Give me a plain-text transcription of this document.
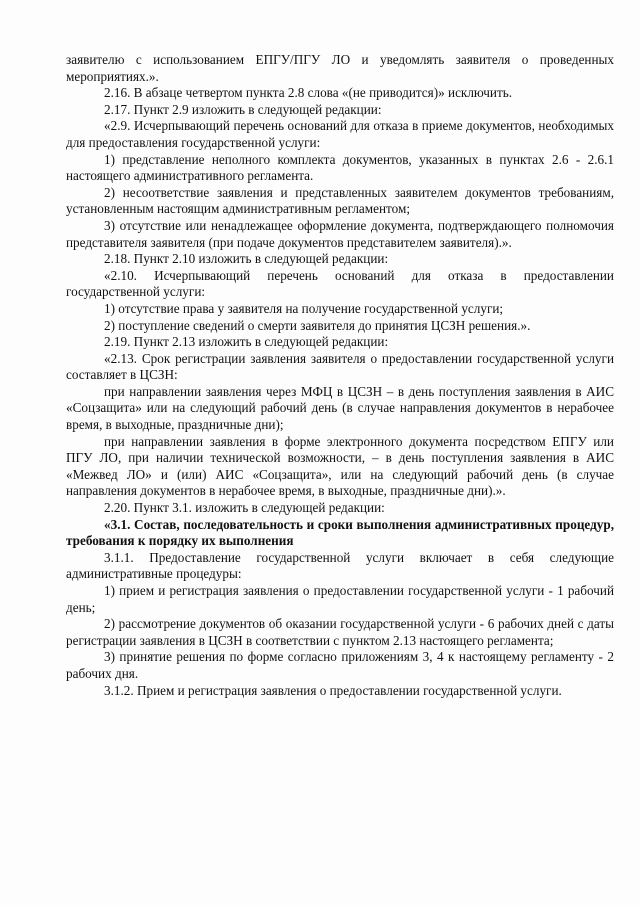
заявителю с использованием ЕПГУ/ПГУ ЛО и уведомлять заявителя о проведенных мероприятиях.».

2.16. В абзаце четвертом пункта 2.8 слова «(не приводится)» исключить.

2.17. Пункт 2.9 изложить в следующей редакции:

«2.9. Исчерпывающий перечень оснований для отказа в приеме документов, необходимых для предоставления государственной услуги:

1) представление неполного комплекта документов, указанных в пунктах 2.6 - 2.6.1 настоящего административного регламента.

2) несоответствие заявления и представленных заявителем документов требованиям, установленным настоящим административным регламентом;

3) отсутствие или ненадлежащее оформление документа, подтверждающего полномочия представителя заявителя (при подаче документов представителем заявителя).».

2.18. Пункт 2.10 изложить в следующей редакции:

«2.10. Исчерпывающий перечень оснований для отказа в предоставлении государственной услуги:

1) отсутствие права у заявителя на получение государственной услуги;

2) поступление сведений о смерти заявителя до принятия ЦСЗН решения.».

2.19. Пункт 2.13 изложить в следующей редакции:

«2.13. Срок регистрации заявления заявителя о предоставлении государственной услуги составляет в ЦСЗН:

при направлении заявления через МФЦ в ЦСЗН – в день поступления заявления в АИС «Соцзащита» или на следующий рабочий день (в случае направления документов в нерабочее время, в выходные, праздничные дни);

при направлении заявления в форме электронного документа посредством ЕПГУ или ПГУ ЛО, при наличии технической возможности, – в день поступления заявления в АИС «Межвед ЛО» и (или) АИС «Соцзащита», или на следующий рабочий день (в случае направления документов в нерабочее время, в выходные, праздничные дни).».

2.20. Пункт 3.1. изложить в следующей редакции:

«3.1. Состав, последовательность и сроки выполнения административных процедур, требования к порядку их выполнения

3.1.1. Предоставление государственной услуги включает в себя следующие административные процедуры:

1) прием и регистрация заявления о предоставлении государственной услуги - 1 рабочий день;

2) рассмотрение документов об оказании государственной услуги - 6 рабочих дней с даты регистрации заявления в ЦСЗН в соответствии с пунктом 2.13 настоящего регламента;

3) принятие решения по форме согласно приложениям 3, 4 к настоящему регламенту - 2 рабочих дня.

3.1.2. Прием и регистрация заявления о предоставлении государственной услуги.
